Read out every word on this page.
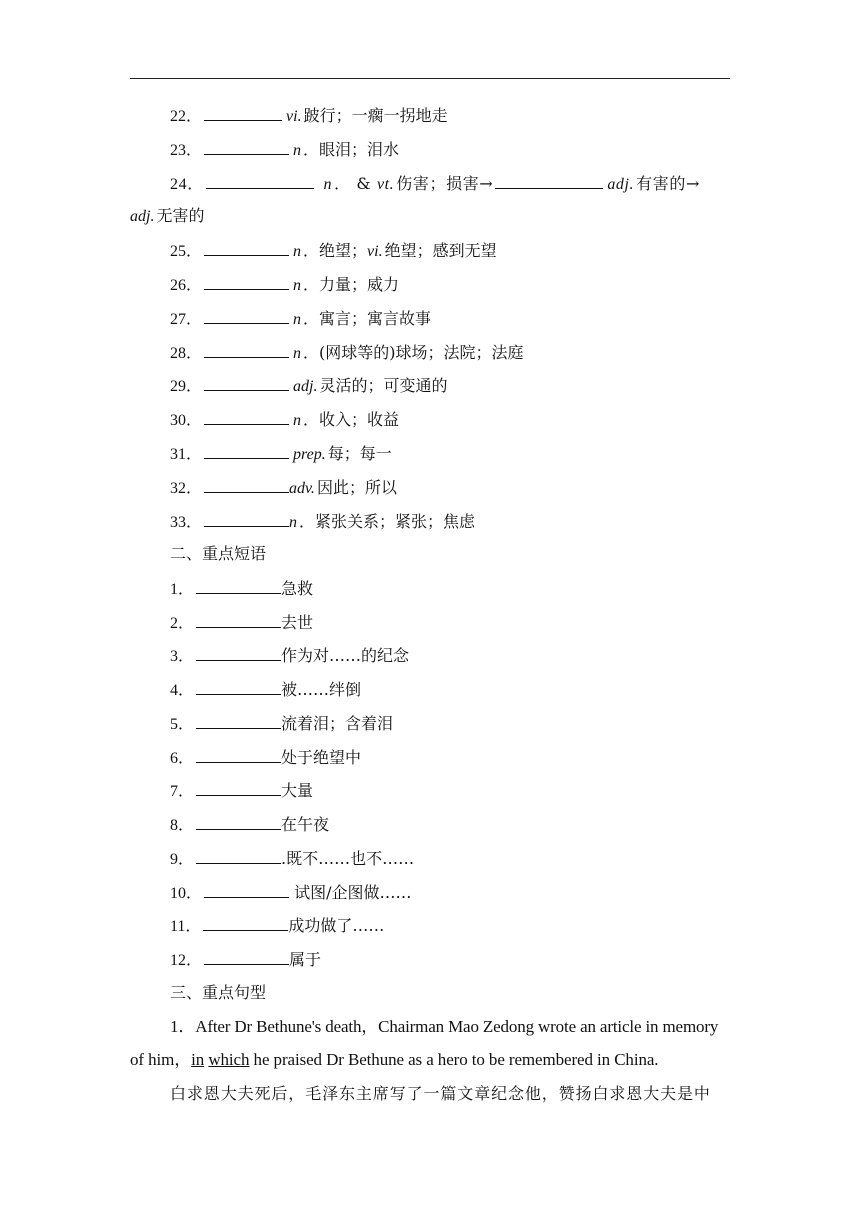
22．	vi. 跛行；一瘸一拐地走
23．	n ．眼泪；泪水
24．	n ． & vt. 伤害；损害→	adj. 有害的→
adj. 无害的
25．	n ．绝望；vi. 绝望；感到无望
26．	n ．力量；威力
27．	n ．寓言；寓言故事
28．	n ．(网球等的)球场；法院；法庭
29．	adj. 灵活的；可变通的
30．	n ．收入；收益
31．	prep. 每；每一
32．	adv. 因此；所以
33．	n ．紧张关系；紧张；焦虑
二、重点短语
1．	急救
2．	去世
3．	作为对……的纪念
4．	被……绊倒
5．	流着泪；含着泪
6．	处于绝望中
7．	大量
8．	在午夜
9．	.既不……也不……
10．	试图/企图做……
11．	成功做了……
12．	属于
三、重点句型
1．After Dr Bethune's death，Chairman Mao Zedong wrote an article in memory
of him，in which he praised Dr Bethune as a hero to be remembered in China.
白求恩大夫死后，毛泽东主席写了一篇文章纪念他，赞扬白求恩大夫是中
